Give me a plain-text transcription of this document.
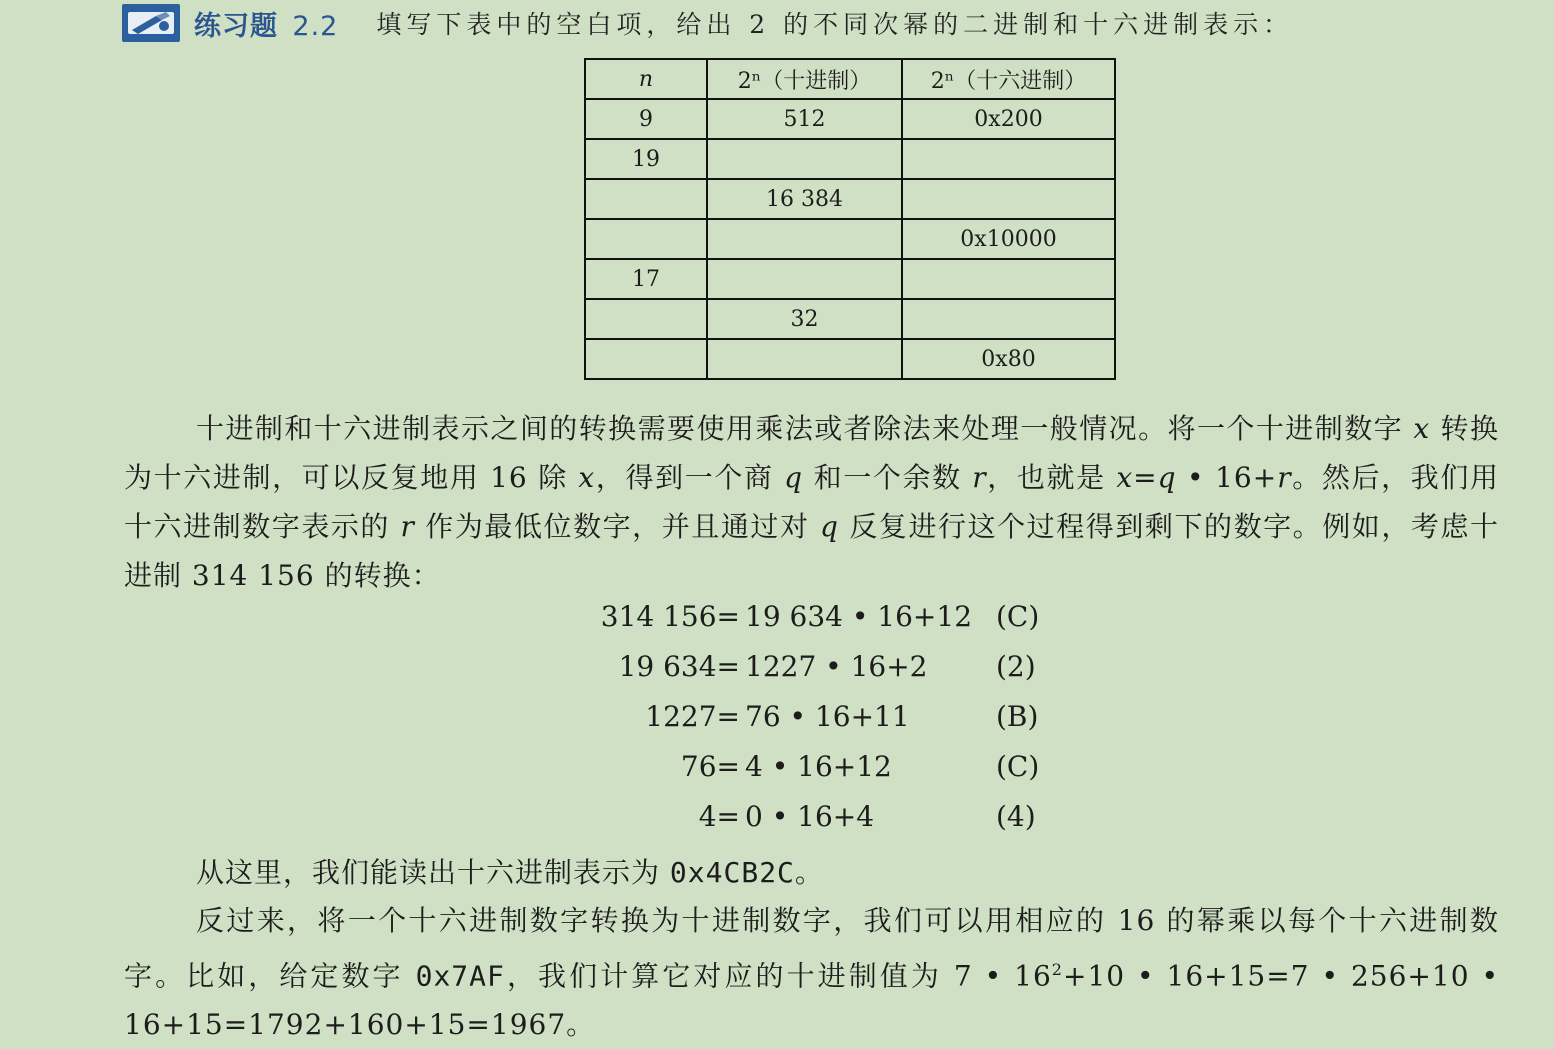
练习题 2.2 填写下表中的空白项，给出 2 的不同次幂的二进制和十六进制表示：
n	2ⁿ（十进制）	2ⁿ（十六进制）
9	512	0x200
19		
	16 384	
		0x10000
17		
	32	
		0x80
十进制和十六进制表示之间的转换需要使用乘法或者除法来处理一般情况。将一个十进制数字 x 转换为十六进制，可以反复地用 16 除 x，得到一个商 q 和一个余数 r，也就是 x=q • 16+r。然后，我们用十六进制数字表示的 r 作为最低位数字，并且通过对 q 反复进行这个过程得到剩下的数字。例如，考虑十进制 314 156 的转换：
314 156= 19 634 • 16+12 (C)
19 634= 1227 • 16+2 (2)
1227= 76 • 16+11	(B)
76= 4 • 16+12	(C)
4= 0 • 16+4	(4)
从这里，我们能读出十六进制表示为 0x4CB2C。
反过来，将一个十六进制数字转换为十进制数字，我们可以用相应的 16 的幂乘以每个十六进制数字。比如，给定数字 0x7AF，我们计算它对应的十进制值为 7 • $16^2+10$ • 16+15=7 • 256+10 • 16+15=1792+160+15=1967。
